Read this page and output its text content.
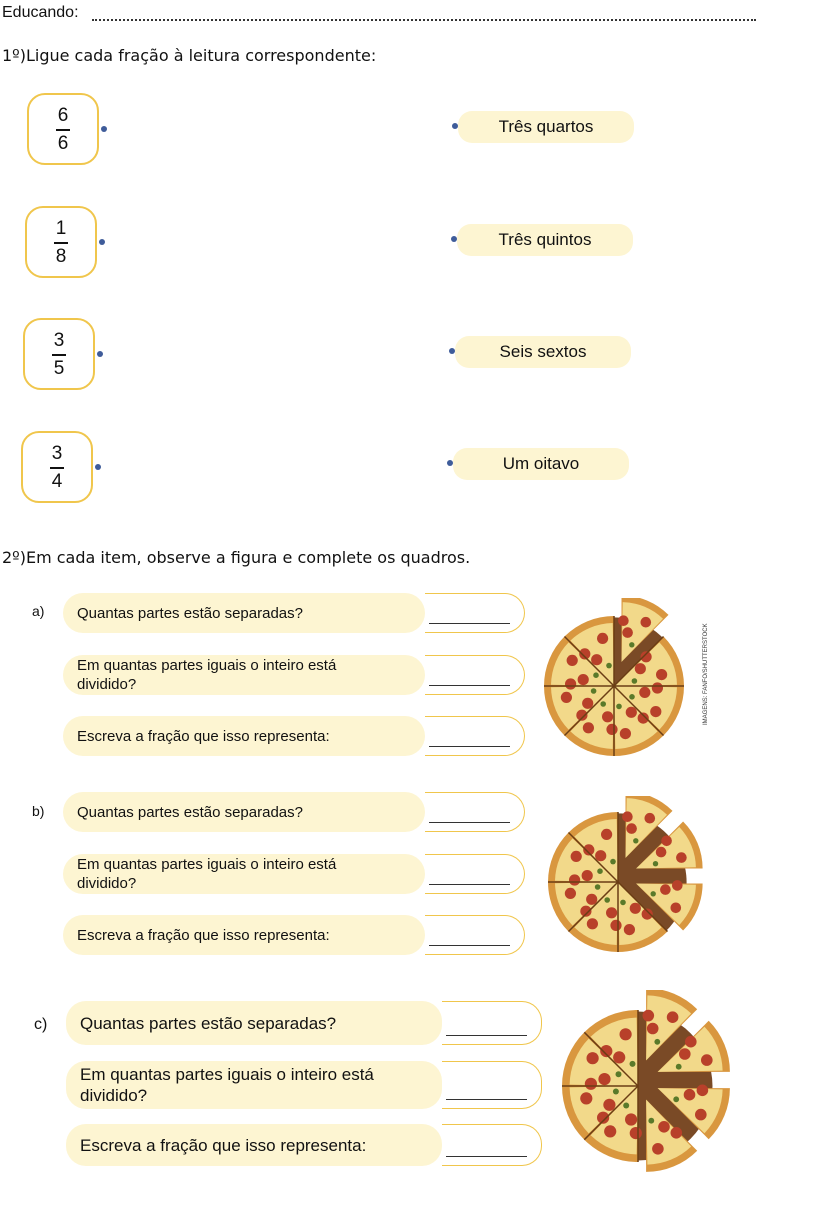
Educando:
1º)Ligue cada fração à leitura correspondente:
6
6
1
8
3
5
3
4
Três quartos
Três quintos
Seis sextos
Um oitavo
2º)Em cada item, observe a figura e complete os quadros.
a) Quantas partes estão separadas?
Em quantas partes iguais o inteiro está
dividido?
Escreva a fração que isso representa:
IMAGENS: FANFO/SHUTTERSTOCK
b) Quantas partes estão separadas?
Em quantas partes iguais o inteiro está
dividido?
Escreva a fração que isso representa:
c) Quantas partes estão separadas?
Em quantas partes iguais o inteiro está
dividido?
Escreva a fração que isso representa:
